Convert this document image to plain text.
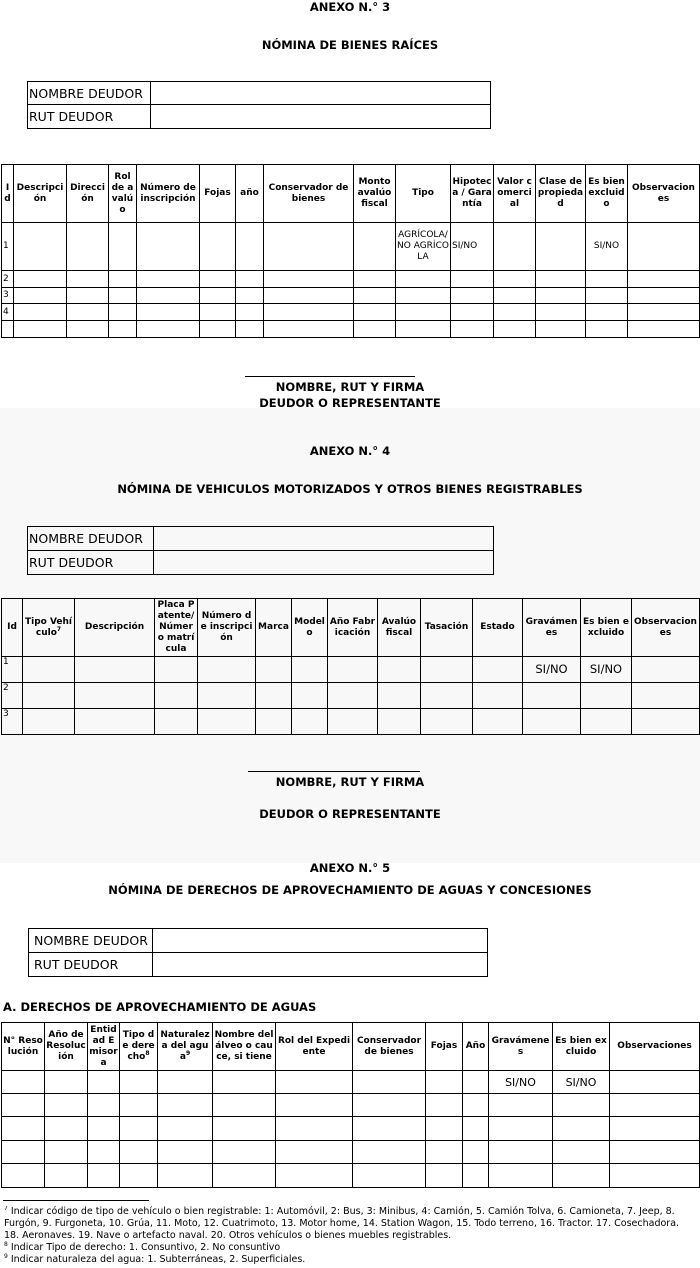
ANEXO N.° 3
NÓMINA DE BIENES RAÍCES
NOMBRE DEUDOR	
RUT DEUDOR	
Id	Descripción	Dirección	Rol de avalúo	Número de inscripción	Fojas	año	Conservador de bienes	Monto avalúo fiscal	Tipo	Hipoteca / Garantía	Valor comercial	Clase de propiedad	Es bien excluido	Observaciones
1									AGRÍCOLA/ NO AGRÍCOLA	SI/NO			SI/NO	
2														
3														
4														

NOMBRE, RUT Y FIRMA
DEUDOR O REPRESENTANTE
ANEXO N.° 4
NÓMINA DE VEHICULOS MOTORIZADOS Y OTROS BIENES REGISTRABLES
NOMBRE DEUDOR	
RUT DEUDOR	
Id	Tipo Vehículo$^7$	Descripción	Placa Patente/ Número matrícula	Número de inscripción	Marca	Modelo	Año Fabricación	Avalúo fiscal	Tasación	Estado	Gravámenes	Es bien excluido	Observaciones
1											SI/NO	SI/NO	
2													
3													
NOMBRE, RUT Y FIRMA
DEUDOR O REPRESENTANTE
ANEXO N.° 5
NÓMINA DE DERECHOS DE APROVECHAMIENTO DE AGUAS Y CONCESIONES
NOMBRE DEUDOR	
RUT DEUDOR	
A. DERECHOS DE APROVECHAMIENTO DE AGUAS
N° Resolución	Año de Resolución	Entidad Emisora	Tipo de derecho$^8$	Naturaleza del agua$^9$	Nombre del álveo o cauce, si tiene	Rol del Expediente	Conservador de bienes	Fojas	Año	Gravámenes	Es bien excluido	Observaciones
										SI/NO	SI/NO	

$^7$ Indicar código de tipo de vehículo o bien registrable: 1: Automóvil, 2: Bus, 3: Minibus, 4: Camión, 5. Camión Tolva, 6. Camioneta, 7. Jeep, 8. Furgón, 9. Furgoneta, 10. Grúa, 11. Moto, 12. Cuatrimoto, 13. Motor home, 14. Station Wagon, 15. Todo terreno, 16. Tractor. 17. Cosechadora. 18. Aeronaves. 19. Nave o artefacto naval. 20. Otros vehículos o bienes muebles registrables.
$^8$ Indicar Tipo de derecho: 1. Consuntivo, 2. No consuntivo
$^9$ Indicar naturaleza del agua: 1. Subterráneas, 2. Superficiales.
